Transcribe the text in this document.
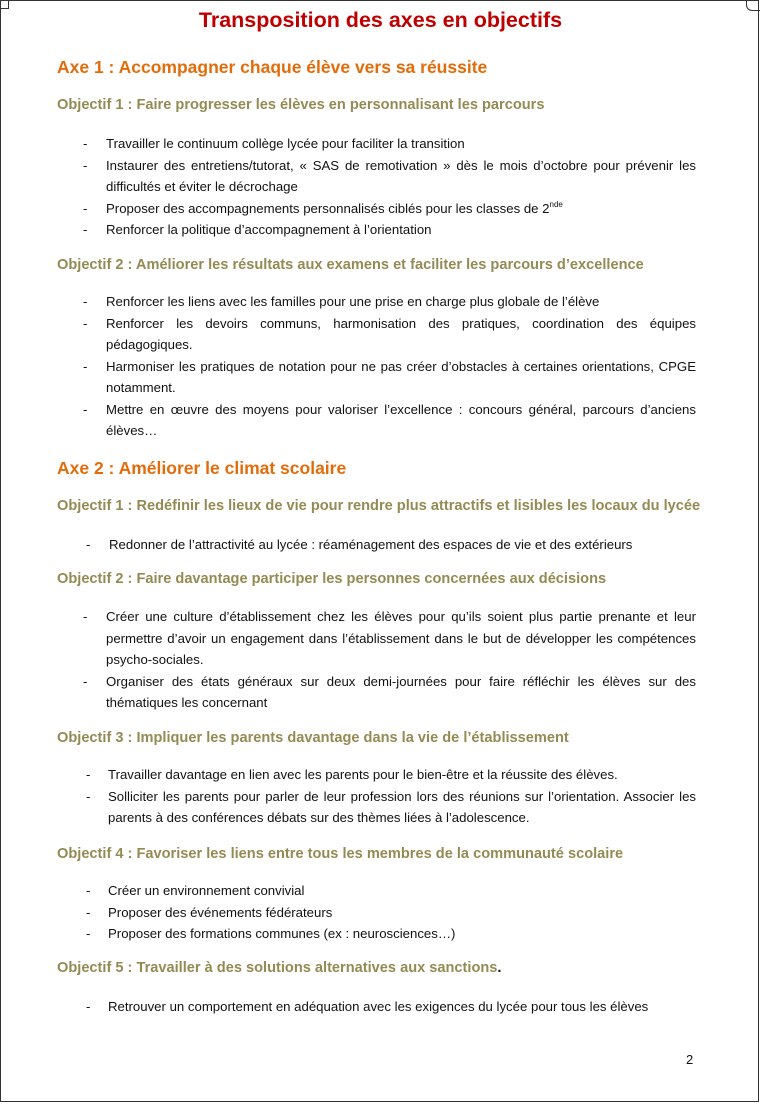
Transposition des axes en objectifs
Axe 1 : Accompagner chaque élève vers sa réussite
Objectif 1 : Faire progresser les élèves en personnalisant les parcours
- Travailler le continuum collège lycée pour faciliter la transition
- Instaurer des entretiens/tutorat, « SAS de remotivation » dès le mois d’octobre pour prévenir les difficultés et éviter le décrochage
- Proposer des accompagnements personnalisés ciblés pour les classes de 2nde
- Renforcer la politique d’accompagnement à l’orientation
Objectif 2 : Améliorer les résultats aux examens et faciliter les parcours d’excellence
- Renforcer les liens avec les familles pour une prise en charge plus globale de l’élève
- Renforcer les devoirs communs, harmonisation des pratiques, coordination des équipes pédagogiques.
- Harmoniser les pratiques de notation pour ne pas créer d’obstacles à certaines orientations, CPGE notamment.
- Mettre en œuvre des moyens pour valoriser l’excellence : concours général, parcours d’anciens élèves…
Axe 2 : Améliorer le climat scolaire
Objectif 1 : Redéfinir les lieux de vie pour rendre plus attractifs et lisibles les locaux du lycée
- Redonner de l’attractivité au lycée : réaménagement des espaces de vie et des extérieurs
Objectif 2 : Faire davantage participer les personnes concernées aux décisions
- Créer une culture d’établissement chez les élèves pour qu’ils soient plus partie prenante et leur permettre d’avoir un engagement dans l’établissement dans le but de développer les compétences psycho-sociales.
- Organiser des états généraux sur deux demi-journées pour faire réfléchir les élèves sur des thématiques les concernant
Objectif 3 : Impliquer les parents davantage dans la vie de l’établissement
- Travailler davantage en lien avec les parents pour le bien-être et la réussite des élèves.
- Solliciter les parents pour parler de leur profession lors des réunions sur l’orientation. Associer les parents à des conférences débats sur des thèmes liées à l’adolescence.
Objectif 4 : Favoriser les liens entre tous les membres de la communauté scolaire
- Créer un environnement convivial
- Proposer des événements fédérateurs
- Proposer des formations communes (ex : neurosciences…)
Objectif 5 : Travailler à des solutions alternatives aux sanctions.
- Retrouver un comportement en adéquation avec les exigences du lycée pour tous les élèves
2
